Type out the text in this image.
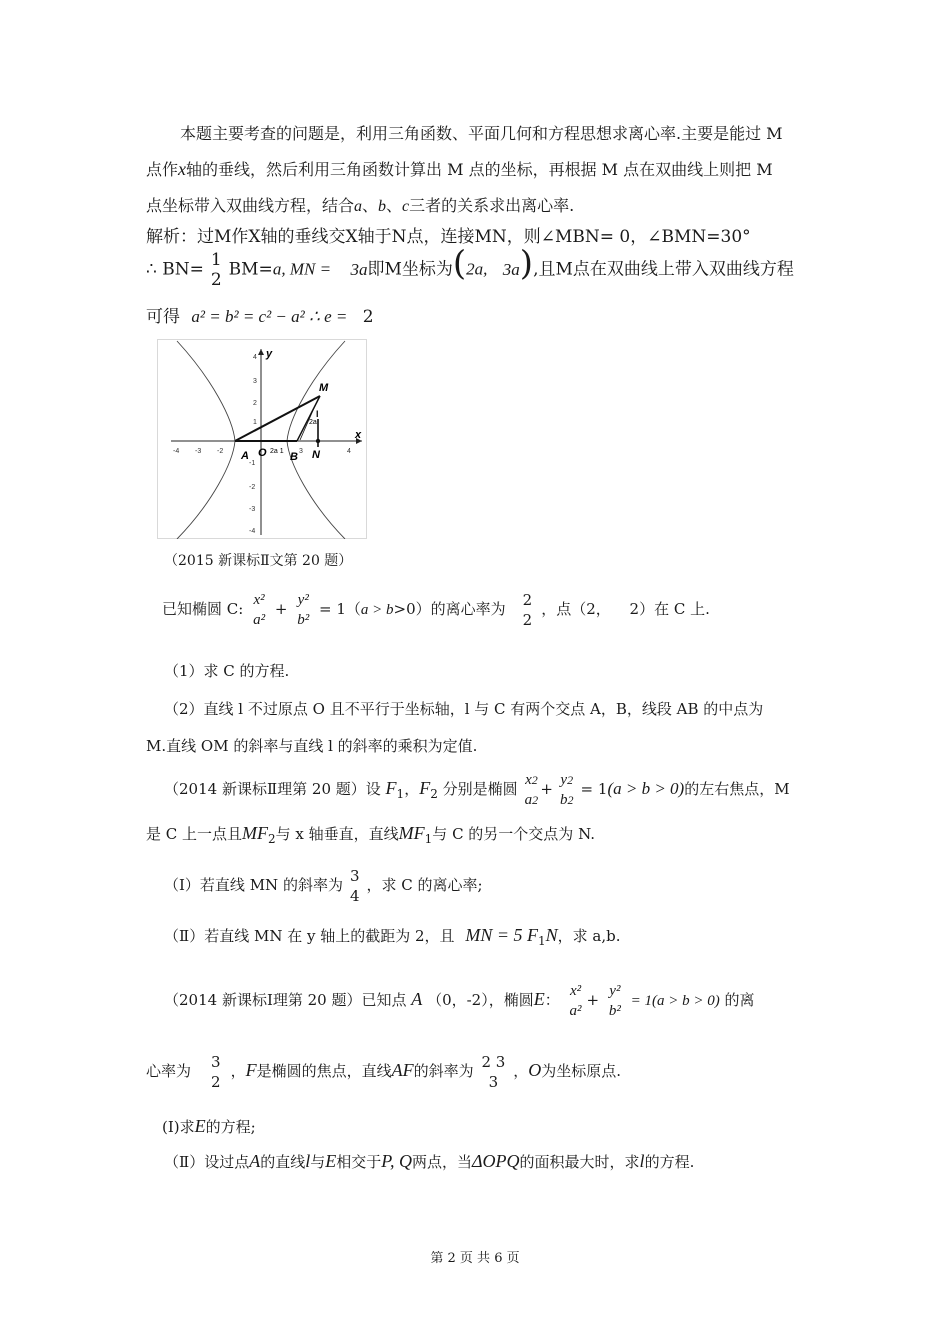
本题主要考查的问题是，利用三角函数、平面几何和方程思想求离心率.主要是能过 M
点作x轴的垂线，然后利用三角函数计算出 M 点的坐标，再根据 M 点在双曲线上则把 M
点坐标带入双曲线方程，结合a、b、c三者的关系求出离心率.
解析：过M作X轴的垂线交X轴于N点，连接MN，则∠MBN= 0，∠BMN=30°
∴ BN= 1
2
BM=a, MN = 3a即M坐标为(2a, 3a),且M点在双曲线上带入双曲线方程
可得 a² = b² = c² − a² ∴ e = 2
x
y
-4 -3 -2	3	4
4
3
2
1
-1
-2
-3
-4
M
A O 2a 1 B N
2a
l
（2015 新课标Ⅱ文第 20 题）
已知椭圆 C: x²
a²
+ y²
b²
= 1（a > b>0）的离心率为 2
2
，点（2， 2）在 C 上.
（1）求 C 的方程.
（2）直线 l 不过原点 O 且不平行于坐标轴，l 与 C 有两个交点 A，B，线段 AB 的中点为
M.直线 OM 的斜率与直线 l 的斜率的乘积为定值.
（2014 新课标Ⅱ理第 20 题）设 $F_1$，$F_2$ 分别是椭圆 x2
a2
+ y2
b2
= 1(a > b > 0)的左右焦点，M
是 C 上一点且$MF_2$与 x 轴垂直，直线$MF_1$与 C 的另一个交点为 N.
（Ⅰ）若直线 MN 的斜率为 3
4
，求 C 的离心率;
（Ⅱ）若直线 MN 在 y 轴上的截距为 2，且 MN = 5 $F_1N$，求 a,b.
（2014 新课标Ⅰ理第 20 题）已知点 A （0，-2），椭圆E： x²
a²
+ y²
b²
= 1(a > b > 0) 的离
心率为	3
2
，F是椭圆的焦点，直线AF的斜率为 2 3
3
，O为坐标原点.
(Ⅰ)求E的方程;
（Ⅱ）设过点A的直线l与E相交于P, Q两点，当ΔOPQ的面积最大时，求l的方程.
第 2 页 共 6 页
